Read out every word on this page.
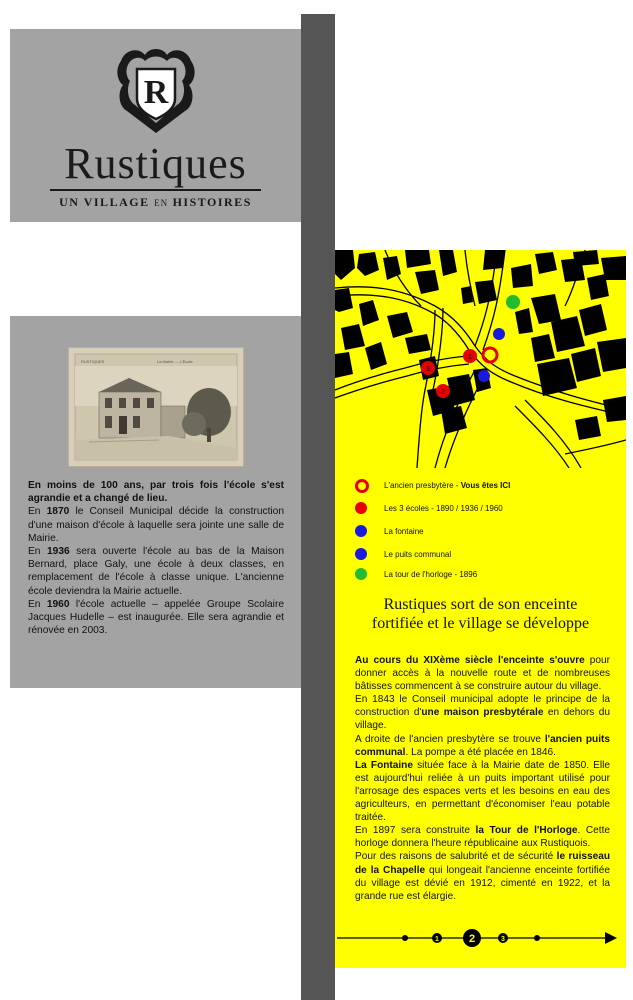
R
Rustiques
UN VILLAGE EN HISTOIRES
RUSTIQUES	La Mairie — L'Ecole

En moins de 100 ans, par trois fois l'école s'est agrandie et a changé de lieu.

En 1870 le Conseil Municipal décide la construction d'une maison d'école à laquelle sera jointe une salle de Mairie.

En 1936 sera ouverte l'école au bas de la Maison Bernard, place Galy, une école à deux classes, en remplacement de l'école à classe unique. L'ancienne école deviendra la Mairie actuelle.

En 1960 l'école actuelle – appelée Groupe Scolaire Jacques Hudelle – est inaugurée. Elle sera agrandie et rénovée en 2003.

1
2
3
L'ancien presbytère - Vous êtes ICI
Les 3 écoles - 1890 / 1936 / 1960
La fontaine
Le puits communal
La tour de l'horloge - 1896
Rustiques sort de son enceinte
fortifiée et le village se développe

Au cours du XIXème siècle l'enceinte s'ouvre pour donner accès à la nouvelle route et de nombreuses bâtisses commencent à se construire autour du village.

En 1843 le Conseil municipal adopte le principe de la construction d'une maison presbytérale en dehors du village.

A droite de l'ancien presbytère se trouve l'ancien puits communal. La pompe a été placée en 1846.

La Fontaine située face à la Mairie date de 1850. Elle est aujourd'hui reliée à un puits important utilisé pour l'arrosage des espaces verts et les besoins en eau des agriculteurs, en permettant d'économiser l'eau potable traitée.

En 1897 sera construite la Tour de l'Horloge. Cette horloge donnera l'heure républicaine aux Rustiquois.

Pour des raisons de salubrité et de sécurité le ruisseau de la Chapelle qui longeait l'ancienne enceinte fortifiée du village est dévié en 1912, cimenté en 1922, et la grande rue est élargie.

1	2	3
